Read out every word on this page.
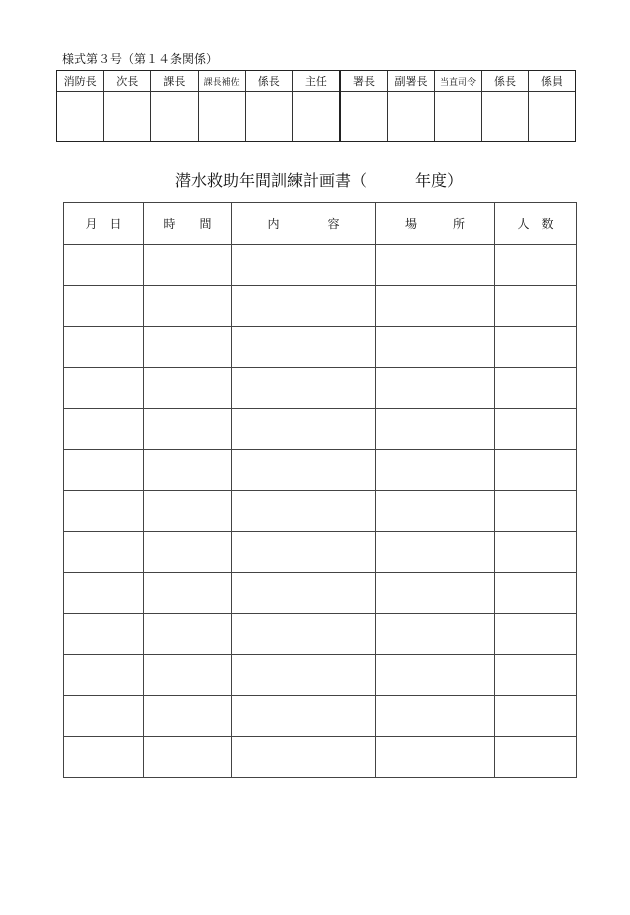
様式第３号（第１４条関係）
消防長	次長	課長	課長補佐	係長	主任	署長	副署長	当直司令	係長	係員
潜水救助年間訓練計画書（　　　年度）
月　日	時　　間	内　　　　容	場　　　所	人　数
